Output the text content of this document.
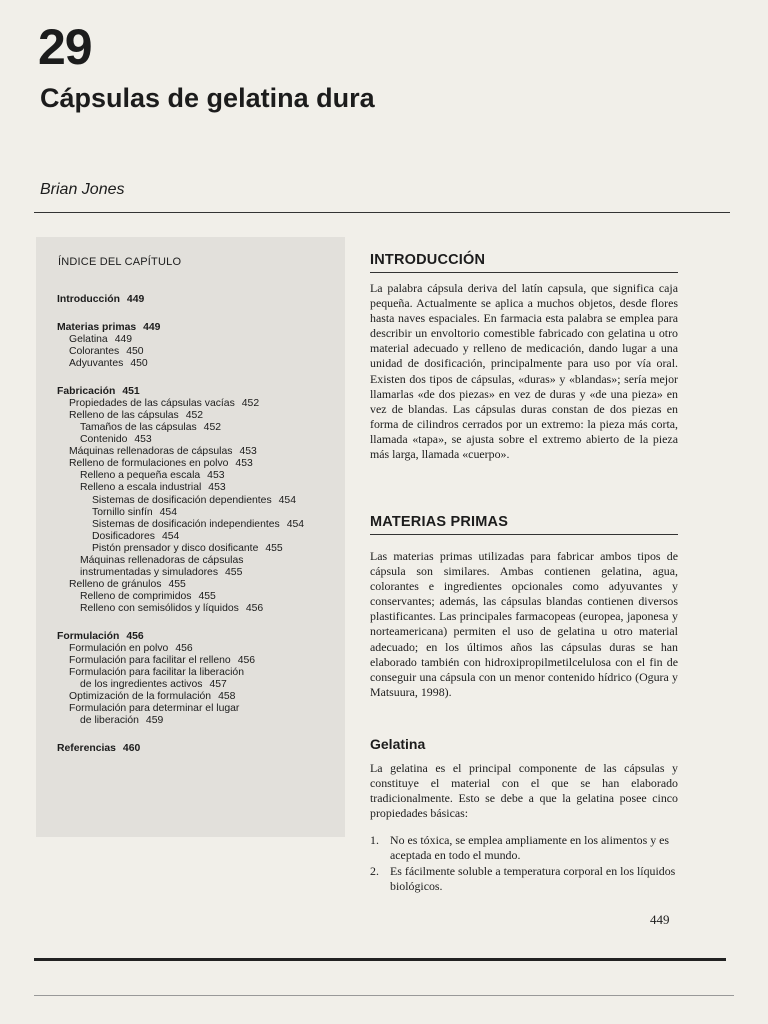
29
Cápsulas de gelatina dura
Brian Jones
ÍNDICE DEL CAPÍTULO
Introducción 449
Materias primas 449
Gelatina 449
Colorantes 450
Adyuvantes 450
Fabricación 451
Propiedades de las cápsulas vacías 452
Relleno de las cápsulas 452
Tamaños de las cápsulas 452
Contenido 453
Máquinas rellenadoras de cápsulas 453
Relleno de formulaciones en polvo 453
Relleno a pequeña escala 453
Relleno a escala industrial 453
Sistemas de dosificación dependientes 454
Tornillo sinfín 454
Sistemas de dosificación independientes 454
Dosificadores 454
Pistón prensador y disco dosificante 455
Máquinas rellenadoras de cápsulas
instrumentadas y simuladores 455
Relleno de gránulos 455
Relleno de comprimidos 455
Relleno con semisólidos y líquidos 456
Formulación 456
Formulación en polvo 456
Formulación para facilitar el relleno 456
Formulación para facilitar la liberación
de los ingredientes activos 457
Optimización de la formulación 458
Formulación para determinar el lugar
de liberación 459
Referencias 460
INTRODUCCIÓN

La palabra cápsula deriva del latín capsula, que significa caja pequeña. Actualmente se aplica a muchos objetos, desde flores hasta naves espaciales. En farmacia esta palabra se emplea para describir un envoltorio comestible fabricado con gelatina u otro material adecuado y relleno de medicación, dando lugar a una unidad de dosificación, principalmente para uso por vía oral. Existen dos tipos de cápsulas, «duras» y «blandas»; sería mejor llamarlas «de dos piezas» en vez de duras y «de una pieza» en vez de blandas. Las cápsulas duras constan de dos piezas en forma de cilindros cerrados por un extremo: la pieza más corta, llamada «tapa», se ajusta sobre el extremo abierto de la pieza más larga, llamada «cuerpo».

MATERIAS PRIMAS

Las materias primas utilizadas para fabricar ambos tipos de cápsula son similares. Ambas contienen gelatina, agua, colorantes e ingredientes opcionales como adyuvantes y conservantes; además, las cápsulas blandas contienen diversos plastificantes. Las principales farmacopeas (europea, japonesa y norteamericana) permiten el uso de gelatina u otro material adecuado; en los últimos años las cápsulas duras se han elaborado también con hidroxipropilmetilcelulosa con el fin de conseguir una cápsula con un menor contenido hídrico (Ogura y Matsuura, 1998).

Gelatina

La gelatina es el principal componente de las cápsulas y constituye el material con el que se han elaborado tradicionalmente. Esto se debe a que la gelatina posee cinco propiedades básicas:

1. No es tóxica, se emplea ampliamente en los alimentos y es aceptada en todo el mundo.
2. Es fácilmente soluble a temperatura corporal en los líquidos biológicos.
449
